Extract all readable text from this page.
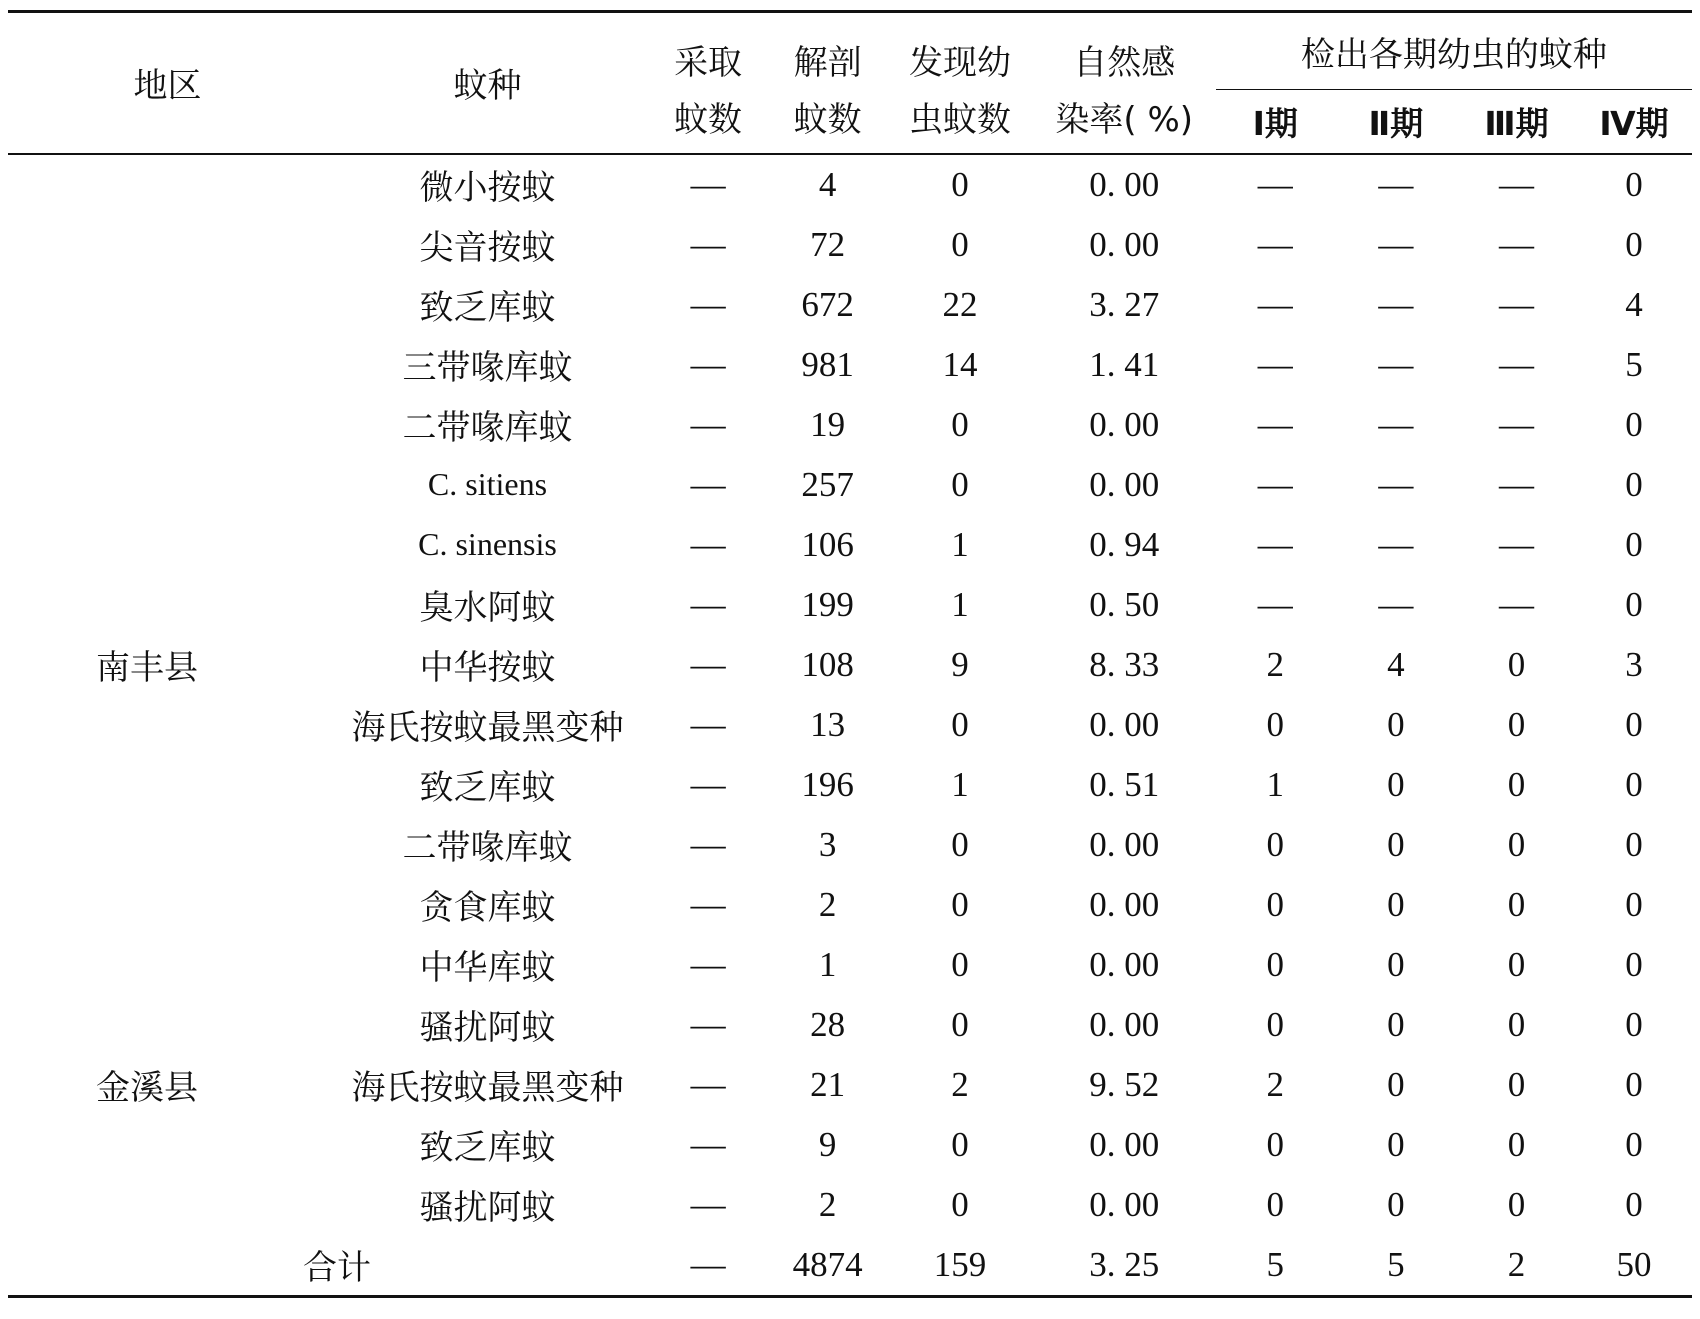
地区	蚊种	采取	解剖	发现幼	自然感	检出各期幼虫的蚊种			
		蚊数	蚊数	虫蚊数	染率( %)	Ⅰ期	Ⅱ期	Ⅲ期	Ⅳ期
	微小按蚊	—	4	0	0. 00	—	—	—	0
	尖音按蚊	—	72	0	0. 00	—	—	—	0
	致乏库蚊	—	672	22	3. 27	—	—	—	4
	三带喙库蚊	—	981	14	1. 41	—	—	—	5
	二带喙库蚊	—	19	0	0. 00	—	—	—	0
	C. sitiens	—	257	0	0. 00	—	—	—	0
	C. sinensis	—	106	1	0. 94	—	—	—	0
	臭水阿蚊	—	199	1	0. 50	—	—	—	0
南丰县	中华按蚊	—	108	9	8. 33	2	4	0	3
	海氏按蚊最黑变种	—	13	0	0. 00	0	0	0	0
	致乏库蚊	—	196	1	0. 51	1	0	0	0
	二带喙库蚊	—	3	0	0. 00	0	0	0	0
	贪食库蚊	—	2	0	0. 00	0	0	0	0
	中华库蚊	—	1	0	0. 00	0	0	0	0
	骚扰阿蚊	—	28	0	0. 00	0	0	0	0
金溪县	海氏按蚊最黑变种	—	21	2	9. 52	2	0	0	0
	致乏库蚊	—	9	0	0. 00	0	0	0	0
	骚扰阿蚊	—	2	0	0. 00	0	0	0	0
合计		—	4874	159	3. 25	5	5	2	50
